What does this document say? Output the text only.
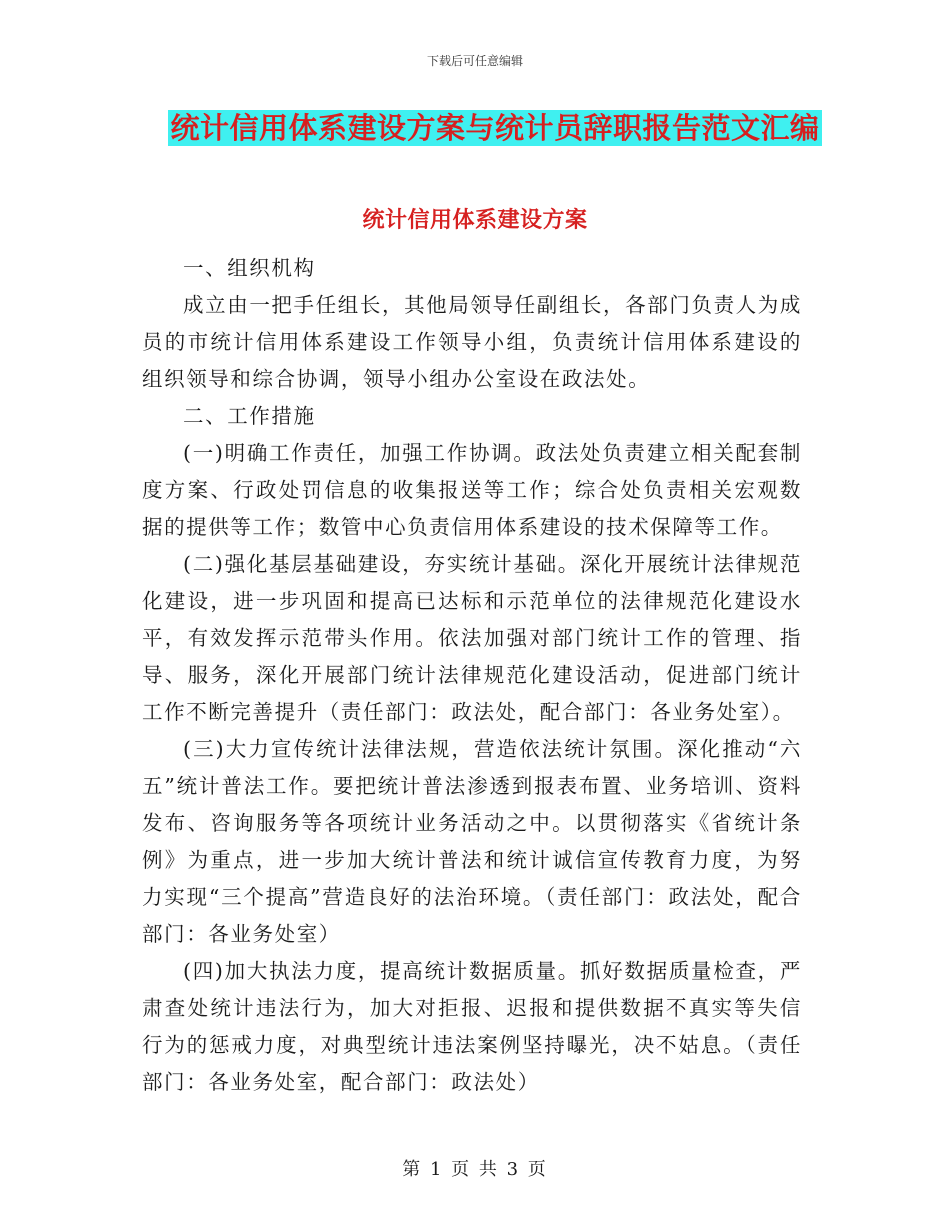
下载后可任意编辑
统计信用体系建设方案与统计员辞职报告范文汇编
统计信用体系建设方案

一、组织机构

成立由一把手任组长，其他局领导任副组长，各部门负责人为成员的市统计信用体系建设工作领导小组，负责统计信用体系建设的组织领导和综合协调，领导小组办公室设在政法处。

二、工作措施

(一)明确工作责任，加强工作协调。政法处负责建立相关配套制度方案、行政处罚信息的收集报送等工作；综合处负责相关宏观数据的提供等工作；数管中心负责信用体系建设的技术保障等工作。

(二)强化基层基础建设，夯实统计基础。深化开展统计法律规范化建设，进一步巩固和提高已达标和示范单位的法律规范化建设水平，有效发挥示范带头作用。依法加强对部门统计工作的管理、指导、服务，深化开展部门统计法律规范化建设活动，促进部门统计工作不断完善提升（责任部门：政法处，配合部门：各业务处室）。

(三)大力宣传统计法律法规，营造依法统计氛围。深化推动“六五”统计普法工作。要把统计普法渗透到报表布置、业务培训、资料发布、咨询服务等各项统计业务活动之中。以贯彻落实《省统计条例》为重点，进一步加大统计普法和统计诚信宣传教育力度，为努力实现“三个提高”营造良好的法治环境。（责任部门：政法处，配合部门：各业务处室）

(四)加大执法力度，提高统计数据质量。抓好数据质量检查，严肃查处统计违法行为，加大对拒报、迟报和提供数据不真实等失信行为的惩戒力度，对典型统计违法案例坚持曝光，决不姑息。（责任部门：各业务处室，配合部门：政法处）

第 1 页 共 3 页
